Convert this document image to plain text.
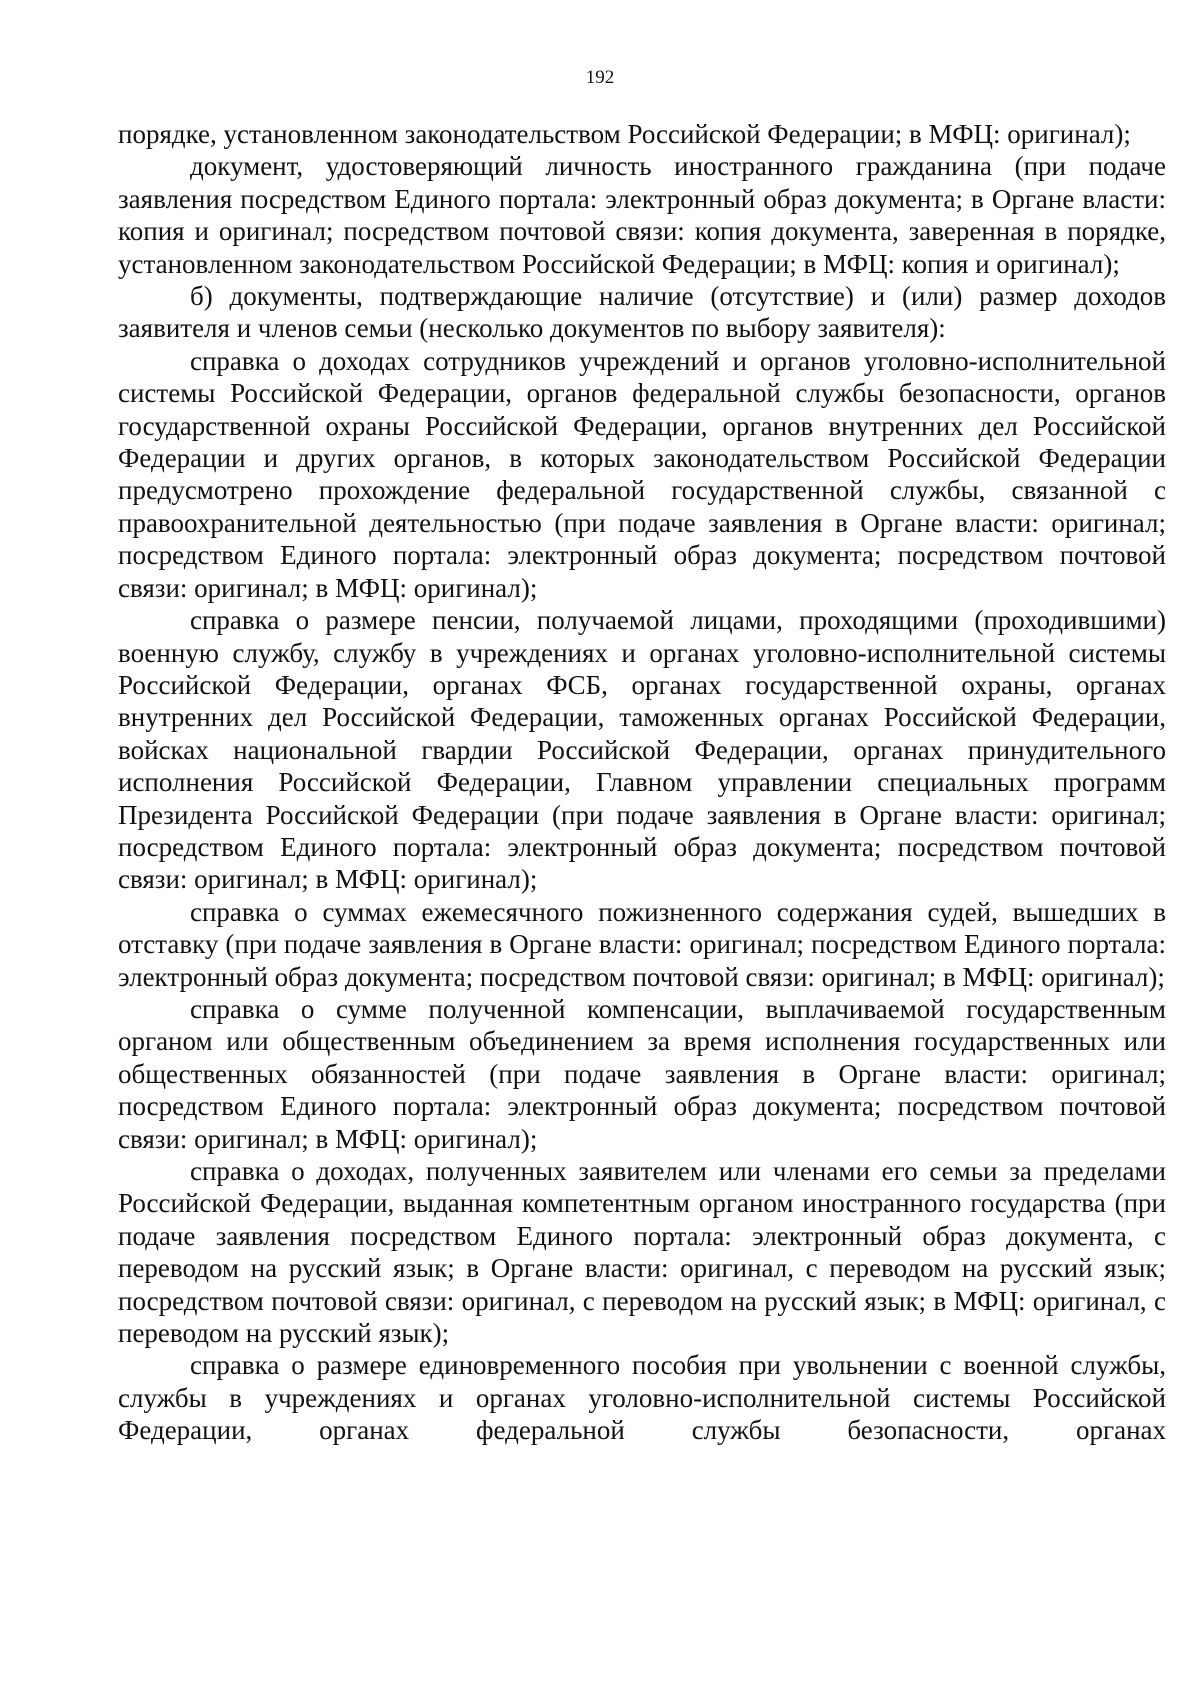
192

порядке, установленном законодательством Российской Федерации; в МФЦ: оригинал);

документ, удостоверяющий личность иностранного гражданина (при подаче заявления посредством Единого портала: электронный образ документа; в Органе власти: копия и оригинал; посредством почтовой связи: копия документа, заверенная в порядке, установленном законодательством Российской Федерации; в МФЦ: копия и оригинал);

б) документы, подтверждающие наличие (отсутствие) и (или) размер доходов заявителя и членов семьи (несколько документов по выбору заявителя):

справка о доходах сотрудников учреждений и органов уголовно-исполнительной системы Российской Федерации, органов федеральной службы безопасности, органов государственной охраны Российской Федерации, органов внутренних дел Российской Федерации и других органов, в которых законодательством Российской Федерации предусмотрено прохождение федеральной государственной службы, связанной с правоохранительной деятельностью (при подаче заявления в Органе власти: оригинал; посредством Единого портала: электронный образ документа; посредством почтовой связи: оригинал; в МФЦ: оригинал);

справка о размере пенсии, получаемой лицами, проходящими (проходившими) военную службу, службу в учреждениях и органах уголовно-исполнительной системы Российской Федерации, органах ФСБ, органах государственной охраны, органах внутренних дел Российской Федерации, таможенных органах Российской Федерации, войсках национальной гвардии Российской Федерации, органах принудительного исполнения Российской Федерации, Главном управлении специальных программ Президента Российской Федерации (при подаче заявления в Органе власти: оригинал; посредством Единого портала: электронный образ документа; посредством почтовой связи: оригинал; в МФЦ: оригинал);

справка о суммах ежемесячного пожизненного содержания судей, вышедших в отставку (при подаче заявления в Органе власти: оригинал; посредством Единого портала: электронный образ документа; посредством почтовой связи: оригинал; в МФЦ: оригинал);

справка о сумме полученной компенсации, выплачиваемой государственным органом или общественным объединением за время исполнения государственных или общественных обязанностей (при подаче заявления в Органе власти: оригинал; посредством Единого портала: электронный образ документа; посредством почтовой связи: оригинал; в МФЦ: оригинал);

справка о доходах, полученных заявителем или членами его семьи за пределами Российской Федерации, выданная компетентным органом иностранного государства (при подаче заявления посредством Единого портала: электронный образ документа, с переводом на русский язык; в Органе власти: оригинал, с переводом на русский язык; посредством почтовой связи: оригинал, с переводом на русский язык; в МФЦ: оригинал, с переводом на русский язык);

справка о размере единовременного пособия при увольнении с военной службы, службы в учреждениях и органах уголовно-исполнительной системы Российской Федерации, органах федеральной службы безопасности, органах
